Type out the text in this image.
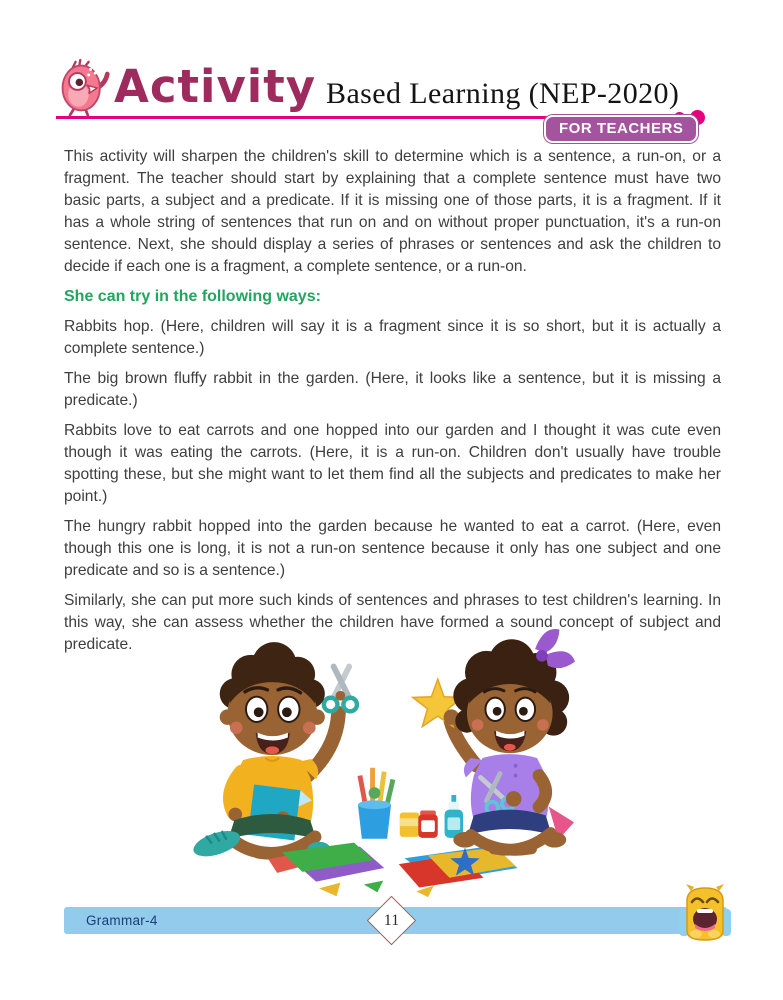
Activity Based Learning (NEP-2020)
FOR TEACHERS

This activity will sharpen the children's skill to determine which is a sentence, a run-on, or a fragment. The teacher should start by explaining that a complete sentence must have two basic parts, a subject and a predicate. If it is missing one of those parts, it is a fragment. If it has a whole string of sentences that run on and on without proper punctuation, it's a run-on sentence. Next, she should display a series of phrases or sentences and ask the children to decide if each one is a fragment, a complete sentence, or a run-on.

She can try in the following ways:

Rabbits hop. (Here, children will say it is a fragment since it is so short, but it is actually a complete sentence.)

The big brown fluffy rabbit in the garden. (Here, it looks like a sentence, but it is missing a predicate.)

Rabbits love to eat carrots and one hopped into our garden and I thought it was cute even though it was eating the carrots. (Here, it is a run-on. Children don't usually have trouble spotting these, but she might want to let them find all the subjects and predicates to make her point.)

The hungry rabbit hopped into the garden because he wanted to eat a carrot. (Here, even though this one is long, it is not a run-on sentence because it only has one subject and one predicate and so is a sentence.)

Similarly, she can put more such kinds of sentences and phrases to test children's learning. In this way, she can assess whether the children have formed a sound concept of subject and predicate.

Grammar-4	11
